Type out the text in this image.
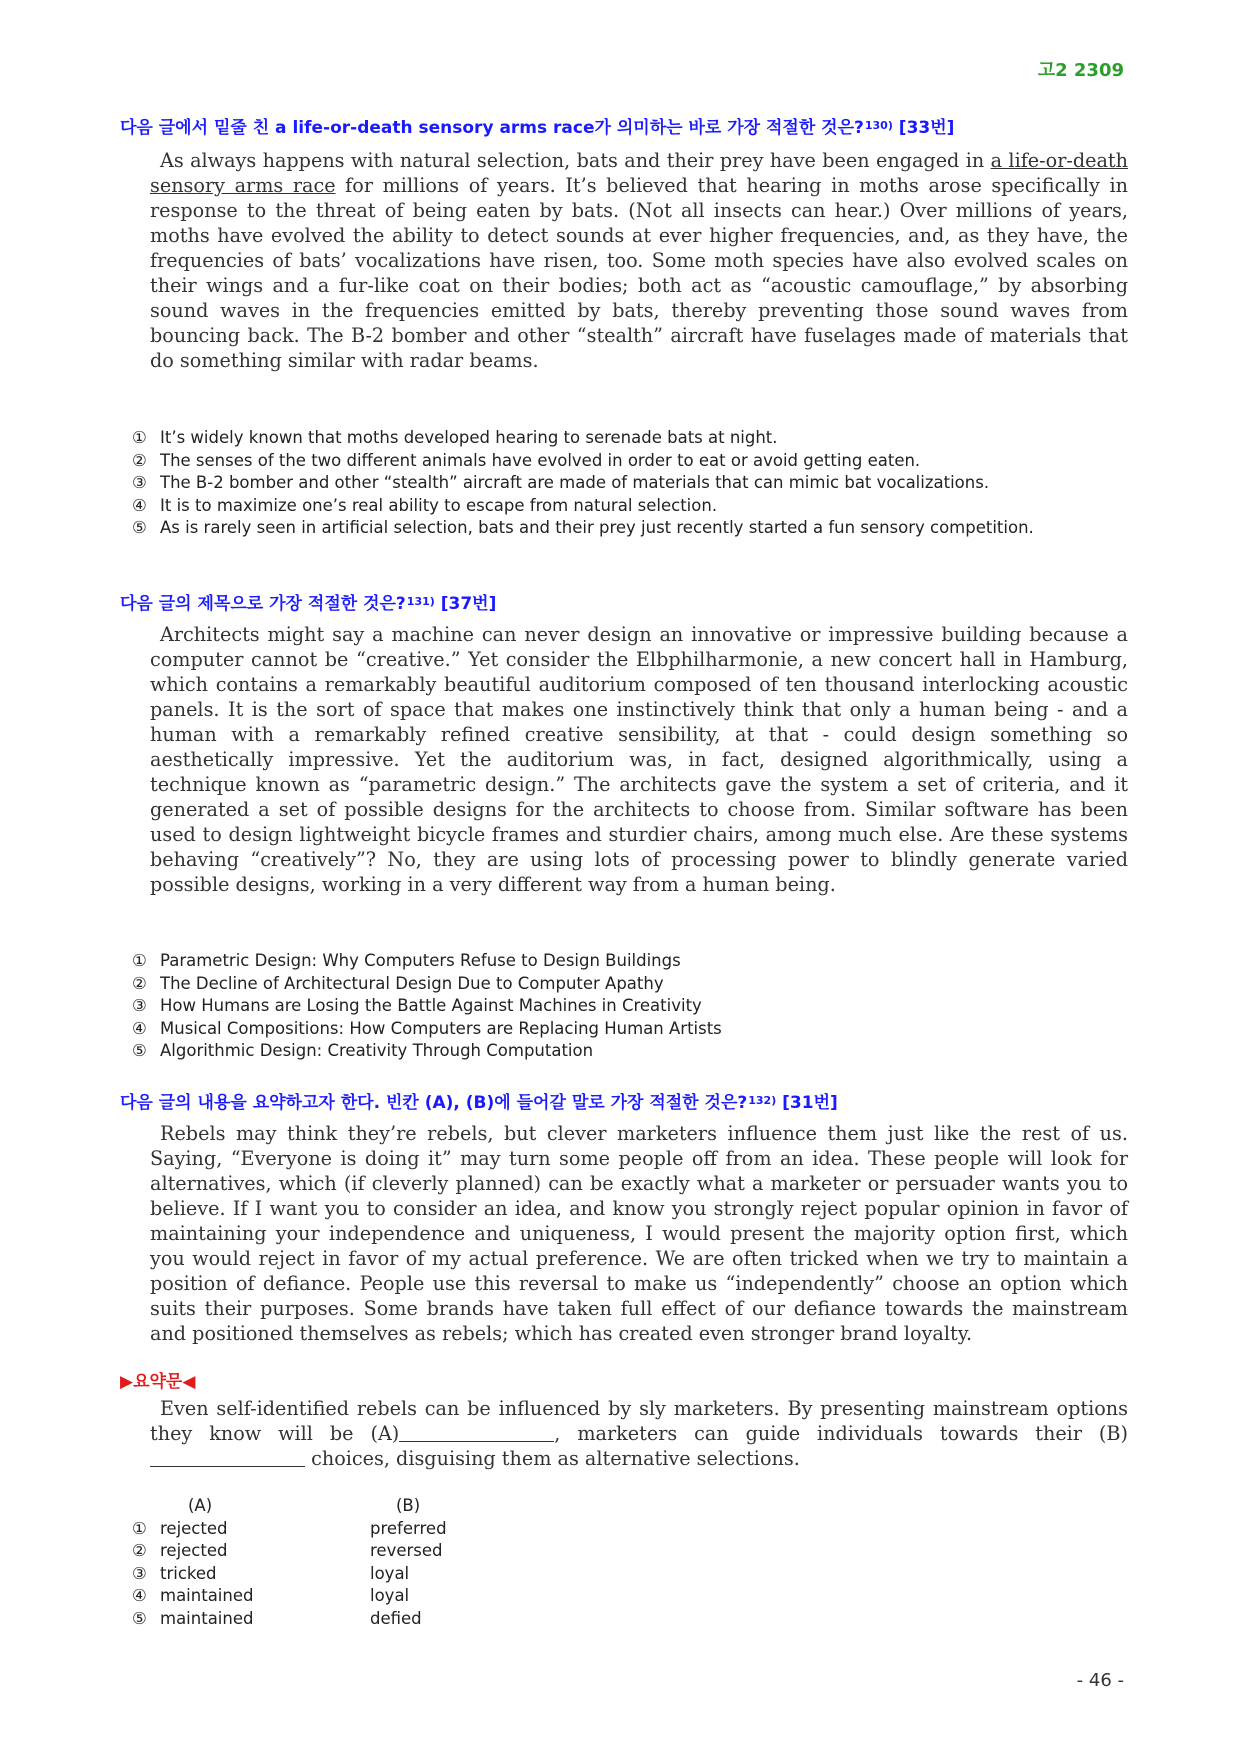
고2 2309
다음 글에서 밑줄 친 a life-or-death sensory arms race가 의미하는 바로 가장 적절한 것은?$^{130)}$ [33번]

As always happens with natural selection, bats and their prey have been engaged in a life-or-death sensory arms race for millions of years. It’s believed that hearing in moths arose specifically in response to the threat of being eaten by bats. (Not all insects can hear.) Over millions of years, moths have evolved the ability to detect sounds at ever higher frequencies, and, as they have, the frequencies of bats’ vocalizations have risen, too. Some moth species have also evolved scales on their wings and a fur-like coat on their bodies; both act as “acoustic camouflage,” by absorbing sound waves in the frequencies emitted by bats, thereby preventing those sound waves from bouncing back. The B-2 bomber and other “stealth” aircraft have fuselages made of materials that do something similar with radar beams.

① It’s widely known that moths developed hearing to serenade bats at night.
② The senses of the two different animals have evolved in order to eat or avoid getting eaten.
③ The B-2 bomber and other “stealth” aircraft are made of materials that can mimic bat vocalizations.
④ It is to maximize one’s real ability to escape from natural selection.
⑤ As is rarely seen in artificial selection, bats and their prey just recently started a fun sensory competition.
다음 글의 제목으로 가장 적절한 것은?$^{131)}$ [37번]

Architects might say a machine can never design an innovative or impressive building because a computer cannot be “creative.” Yet consider the Elbphilharmonie, a new concert hall in Hamburg, which contains a remarkably beautiful auditorium composed of ten thousand interlocking acoustic panels. It is the sort of space that makes one instinctively think that only a human being - and a human with a remarkably refined creative sensibility, at that - could design something so aesthetically impressive. Yet the auditorium was, in fact, designed algorithmically, using a technique known as “parametric design.” The architects gave the system a set of criteria, and it generated a set of possible designs for the architects to choose from. Similar software has been used to design lightweight bicycle frames and sturdier chairs, among much else. Are these systems behaving “creatively”? No, they are using lots of processing power to blindly generate varied possible designs, working in a very different way from a human being.

① Parametric Design: Why Computers Refuse to Design Buildings
② The Decline of Architectural Design Due to Computer Apathy
③ How Humans are Losing the Battle Against Machines in Creativity
④ Musical Compositions: How Computers are Replacing Human Artists
⑤ Algorithmic Design: Creativity Through Computation
다음 글의 내용을 요약하고자 한다. 빈칸 (A), (B)에 들어갈 말로 가장 적절한 것은?$^{132)}$ [31번]

Rebels may think they’re rebels, but clever marketers influence them just like the rest of us. Saying, “Everyone is doing it” may turn some people off from an idea. These people will look for alternatives, which (if cleverly planned) can be exactly what a marketer or persuader wants you to believe. If I want you to consider an idea, and know you strongly reject popular opinion in favor of maintaining your independence and uniqueness, I would present the majority option first, which you would reject in favor of my actual preference. We are often tricked when we try to maintain a position of defiance. People use this reversal to make us “independently” choose an option which suits their purposes. Some brands have taken full effect of our defiance towards the mainstream and positioned themselves as rebels; which has created even stronger brand loyalty.

▶요약문◀

Even self-identified rebels can be influenced by sly marketers. By presenting mainstream options they know will be (A)	, marketers can guide individuals towards their (B) choices, disguising them as alternative selections.

(A)	(B)
① rejected	preferred
② rejected	reversed
③ tricked	loyal
④ maintained	loyal
⑤ maintained	defied
- 46 -
